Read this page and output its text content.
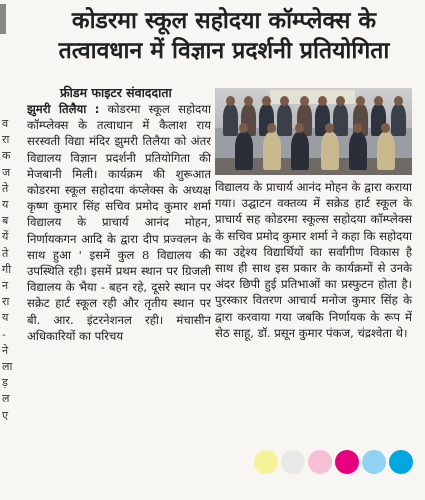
व
रा
क
ज
ते
य
ब
यें
ते
गी
न
रा
य
-
ने
ला
ड़
ल
ए
कोडरमा स्कूल सहोदया कॉम्प्लेक्स के
तत्वावधान में विज्ञान प्रदर्शनी प्रतियोगिता
फ्रीडम फाइटर संवाददाता
झुमरी तिलैया : कोडरमा स्कूल सहोदया कॉम्प्लेक्स के तत्वाधान में कैलाश राय सरस्वती विद्या मंदिर झुमरी तिलैया को अंतर विद्यालय विज्ञान प्रदर्शनी प्रतियोगिता की मेजबानी मिली। कार्यक्रम की शुरूआत कोडरमा स्कूल सहोदया कंप्लेक्स के अध्यक्ष कृष्ण कुमार सिंह सचिव प्रमोद कुमार शर्मा विद्यालय के प्राचार्य आनंद मोहन, निर्णायकगन आदि के द्वारा दीप प्रज्वलन के साथ हुआ ' इसमें कुल 8 विद्यालय की उपस्थिति रही। इसमें प्रथम स्थान पर ग्रिजली विद्यालय के भैया - बहन रहे, दूसरे स्थान पर सक्रेट हार्ट स्कूल रही और तृतीय स्थान पर बी. आर. इंटरनेशनल रही। मंचासीन अधिकारियों का परिचय
विद्यालय के प्राचार्य आनंद मोहन के द्वारा कराया गया। उद्घाटन वक्तव्य में सक्रेड हार्ट स्कूल के प्राचार्य सह कोडरमा स्कूल्स सहोदया कॉम्प्लेक्स के सचिव प्रमोद कुमार शर्मा ने कहा कि सहोदया का उद्देश्य विद्यार्थियों का सर्वांगीण विकास है साथ ही साथ इस प्रकार के कार्यक्रमों से उनके अंदर छिपी हुई प्रतिभाओं का प्रस्फुटन होता है। पुरस्कार वितरण आचार्य मनोज कुमार सिंह के द्वारा करवाया गया जबकि निर्णायक के रूप में सेठ साहू, डॉ. प्रसून कुमार पंकज, चंद्रश्वेता थे।
